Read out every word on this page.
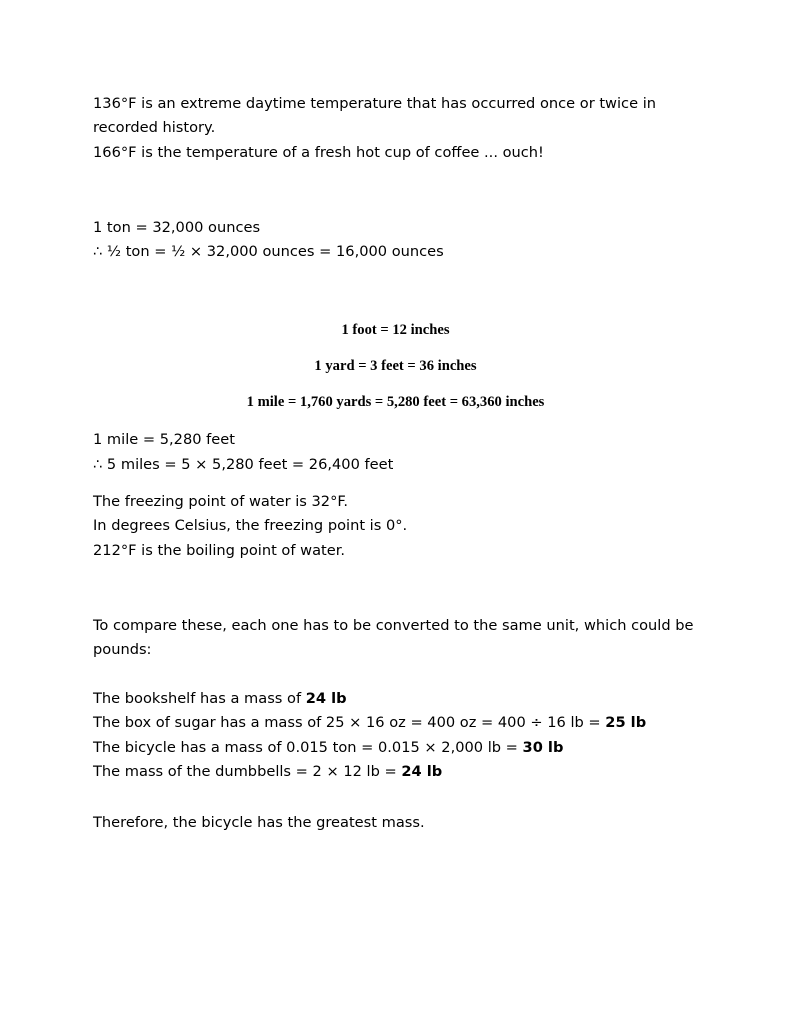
136°F is an extreme daytime temperature that has occurred once or twice in

recorded history.

166°F is the temperature of a fresh hot cup of coffee ... ouch!

1 ton = 32,000 ounces

∴ ½ ton = ½ × 32,000 ounces = 16,000 ounces

1 foot = 12 inches

1 yard = 3 feet = 36 inches

1 mile = 1,760 yards = 5,280 feet = 63,360 inches

1 mile = 5,280 feet

∴ 5 miles = 5 × 5,280 feet = 26,400 feet

The freezing point of water is 32°F.

In degrees Celsius, the freezing point is 0°.

212°F is the boiling point of water.

To compare these, each one has to be converted to the same unit, which could be

pounds:

The bookshelf has a mass of 24 lb

The box of sugar has a mass of 25 × 16 oz = 400 oz = 400 ÷ 16 lb = 25 lb

The bicycle has a mass of 0.015 ton = 0.015 × 2,000 lb = 30 lb

The mass of the dumbbells = 2 × 12 lb = 24 lb

Therefore, the bicycle has the greatest mass.
